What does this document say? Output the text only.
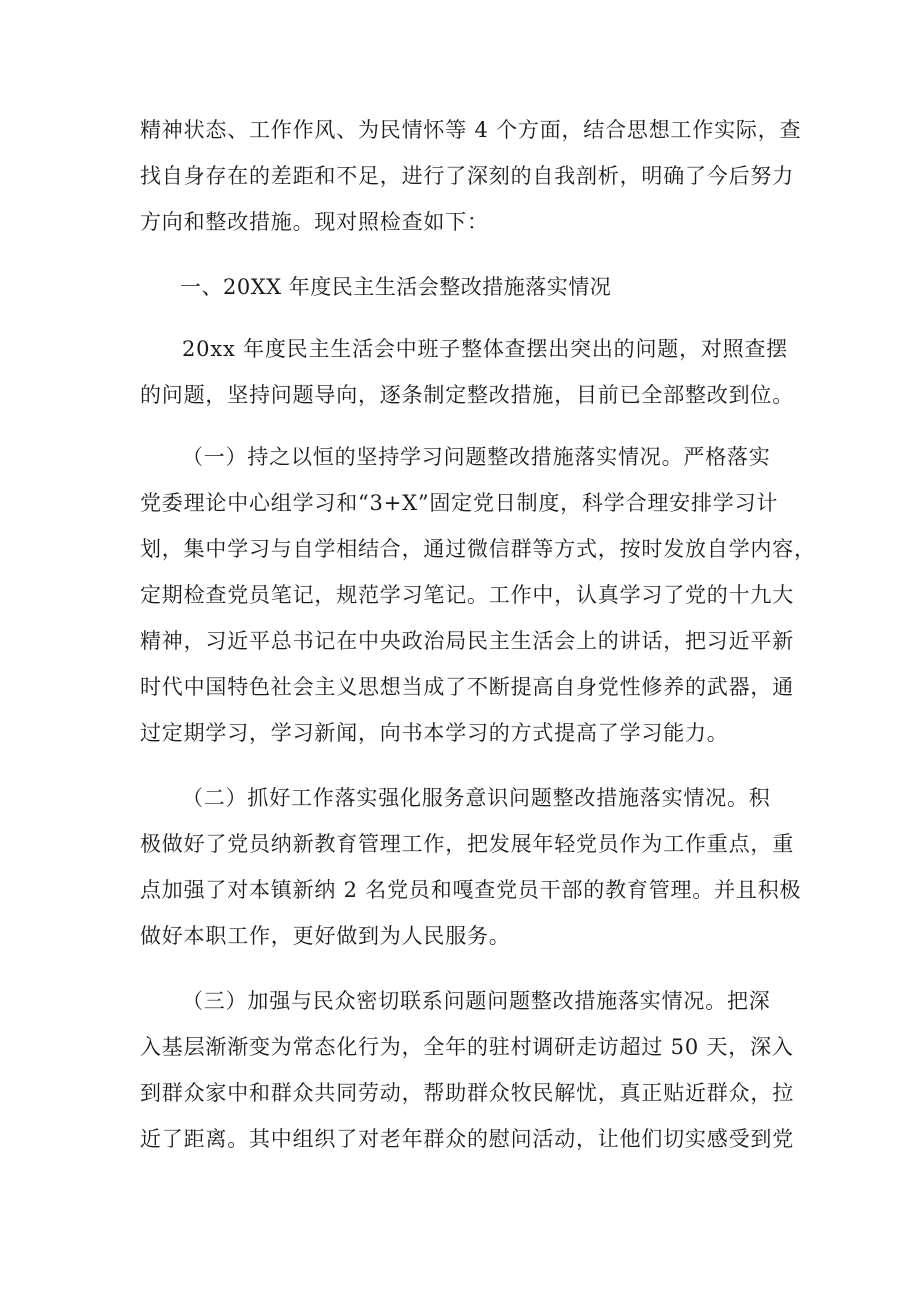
精神状态、工作作风、为民情怀等 4 个方面，结合思想工作实际，查
找自身存在的差距和不足，进行了深刻的自我剖析，明确了今后努力
方向和整改措施。现对照检查如下：
一、20XX 年度民主生活会整改措施落实情况
20xx 年度民主生活会中班子整体查摆出突出的问题，对照查摆
的问题，坚持问题导向，逐条制定整改措施，目前已全部整改到位。
（一）持之以恒的坚持学习问题整改措施落实情况。严格落实
党委理论中心组学习和“3+X”固定党日制度，科学合理安排学习计
划，集中学习与自学相结合，通过微信群等方式，按时发放自学内容，
定期检查党员笔记，规范学习笔记。工作中，认真学习了党的十九大
精神，习近平总书记在中央政治局民主生活会上的讲话，把习近平新
时代中国特色社会主义思想当成了不断提高自身党性修养的武器，通
过定期学习，学习新闻，向书本学习的方式提高了学习能力。
（二）抓好工作落实强化服务意识问题整改措施落实情况。积
极做好了党员纳新教育管理工作，把发展年轻党员作为工作重点，重
点加强了对本镇新纳 2 名党员和嘎查党员干部的教育管理。并且积极
做好本职工作，更好做到为人民服务。
（三）加强与民众密切联系问题问题整改措施落实情况。把深
入基层渐渐变为常态化行为，全年的驻村调研走访超过 50 天，深入
到群众家中和群众共同劳动，帮助群众牧民解忧，真正贴近群众，拉
近了距离。其中组织了对老年群众的慰问活动，让他们切实感受到党
